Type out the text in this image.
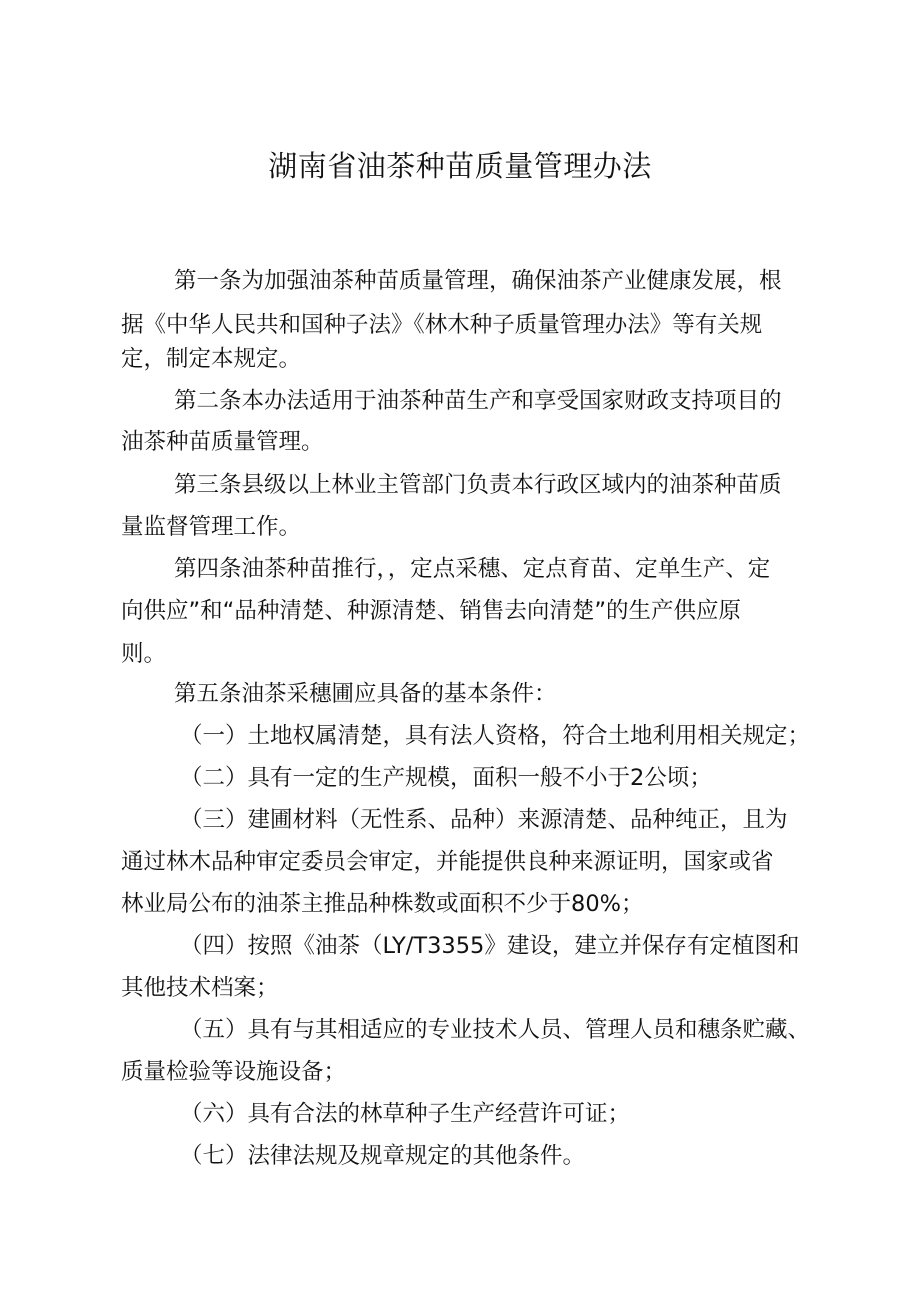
湖南省油茶种苗质量管理办法

第一条为加强油茶种苗质量管理，确保油茶产业健康发展，根

据《中华人民共和国种子法》《林木种子质量管理办法》等有关规

定，制定本规定。

第二条本办法适用于油茶种苗生产和享受国家财政支持项目的

油茶种苗质量管理。

第三条县级以上林业主管部门负责本行政区域内的油茶种苗质

量监督管理工作。

第四条油茶种苗推行，，定点采穗、定点育苗、定单生产、定

向供应”和“品种清楚、种源清楚、销售去向清楚”的生产供应原

则。

第五条油茶采穗圃应具备的基本条件：

（一）土地权属清楚，具有法人资格，符合土地利用相关规定；

（二）具有一定的生产规模，面积一般不小于2公顷；

（三）建圃材料（无性系、品种）来源清楚、品种纯正，且为

通过林木品种审定委员会审定，并能提供良种来源证明，国家或省

林业局公布的油茶主推品种株数或面积不少于80%；

（四）按照《油茶（LY/T3355》建设，建立并保存有定植图和

其他技术档案；

（五）具有与其相适应的专业技术人员、管理人员和穗条贮藏、

质量检验等设施设备；

（六）具有合法的林草种子生产经营许可证；

（七）法律法规及规章规定的其他条件。
